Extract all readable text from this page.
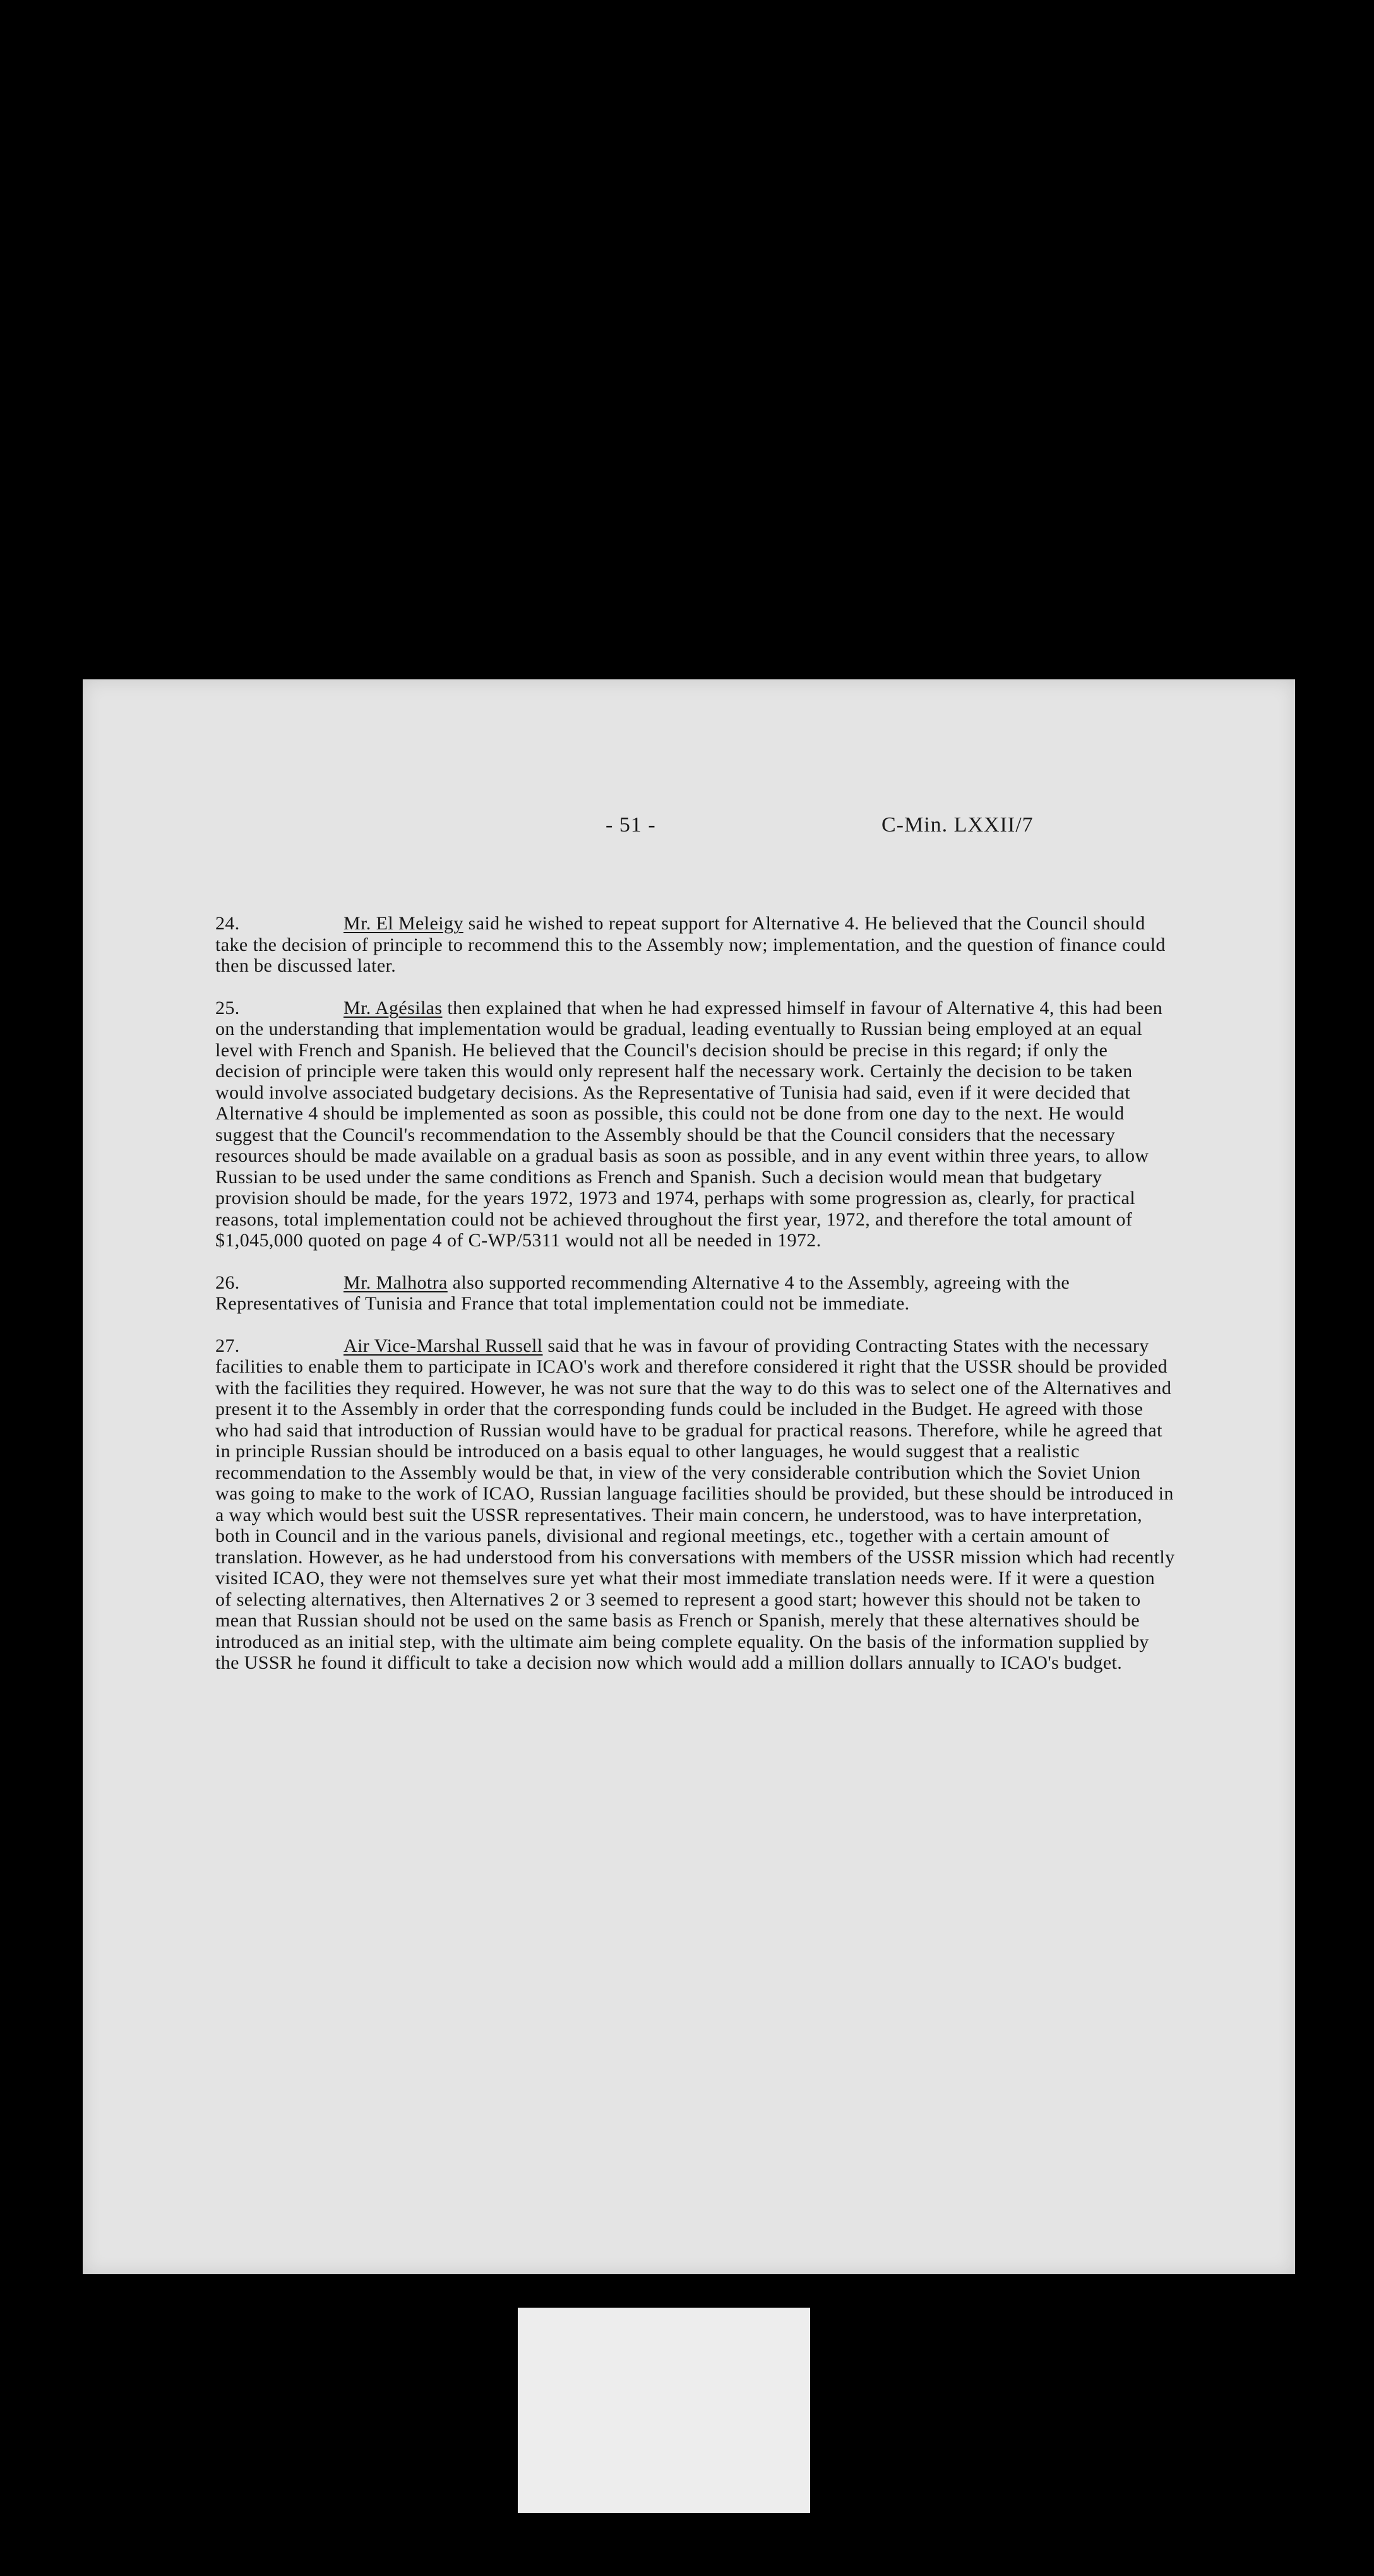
- 51 -	C-Min. LXXII/7

24.	Mr. El Meleigy said he wished to repeat support for Alternative 4. He believed that the Council should take the decision of principle to recommend this to the Assembly now; implementation, and the question of finance could then be discussed later.

25.	Mr. Agésilas then explained that when he had expressed himself in favour of Alternative 4, this had been on the understanding that implementation would be gradual, leading eventually to Russian being employed at an equal level with French and Spanish. He believed that the Council's decision should be precise in this regard; if only the decision of principle were taken this would only represent half the necessary work. Certainly the decision to be taken would involve associated budgetary decisions. As the Representative of Tunisia had said, even if it were decided that Alternative 4 should be implemented as soon as possible, this could not be done from one day to the next. He would suggest that the Council's recommendation to the Assembly should be that the Council considers that the necessary resources should be made available on a gradual basis as soon as possible, and in any event within three years, to allow Russian to be used under the same conditions as French and Spanish. Such a decision would mean that budgetary provision should be made, for the years 1972, 1973 and 1974, perhaps with some progression as, clearly, for practical reasons, total implementation could not be achieved throughout the first year, 1972, and therefore the total amount of $1,045,000 quoted on page 4 of C-WP/5311 would not all be needed in 1972.

26.	Mr. Malhotra also supported recommending Alternative 4 to the Assembly, agreeing with the Representatives of Tunisia and France that total implementation could not be immediate.

27.	Air Vice-Marshal Russell said that he was in favour of providing Contracting States with the necessary facilities to enable them to participate in ICAO's work and therefore considered it right that the USSR should be provided with the facilities they required. However, he was not sure that the way to do this was to select one of the Alternatives and present it to the Assembly in order that the corresponding funds could be included in the Budget. He agreed with those who had said that introduction of Russian would have to be gradual for practical reasons. Therefore, while he agreed that in principle Russian should be introduced on a basis equal to other languages, he would suggest that a realistic recommendation to the Assembly would be that, in view of the very considerable contribution which the Soviet Union was going to make to the work of ICAO, Russian language facilities should be provided, but these should be introduced in a way which would best suit the USSR representatives. Their main concern, he understood, was to have interpretation, both in Council and in the various panels, divisional and regional meetings, etc., together with a certain amount of translation. However, as he had understood from his conversations with members of the USSR mission which had recently visited ICAO, they were not themselves sure yet what their most immediate translation needs were. If it were a question of selecting alternatives, then Alternatives 2 or 3 seemed to represent a good start; however this should not be taken to mean that Russian should not be used on the same basis as French or Spanish, merely that these alternatives should be introduced as an initial step, with the ultimate aim being complete equality. On the basis of the information supplied by the USSR he found it difficult to take a decision now which would add a million dollars annually to ICAO's budget.
